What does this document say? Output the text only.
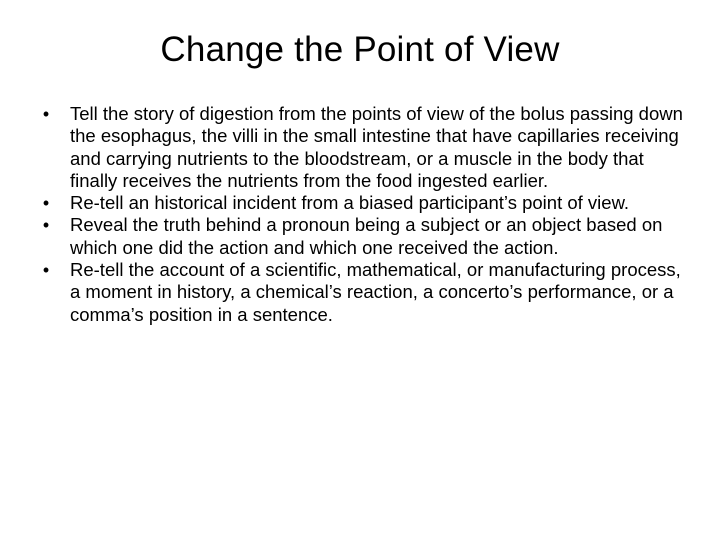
Change the Point of View
•	Tell the story of digestion from the points of view of the bolus passing down the esophagus, the villi in the small intestine that have capillaries receiving and carrying nutrients to the bloodstream, or a muscle in the body that finally receives the nutrients from the food ingested earlier.
•	Re-tell an historical incident from a biased participant’s point of view.
•	Reveal the truth behind a pronoun being a subject or an object based on which one did the action and which one received the action.
•	Re-tell the account of a scientific, mathematical, or manufacturing process, a moment in history, a chemical’s reaction, a concerto’s performance, or a comma’s position in a sentence.
